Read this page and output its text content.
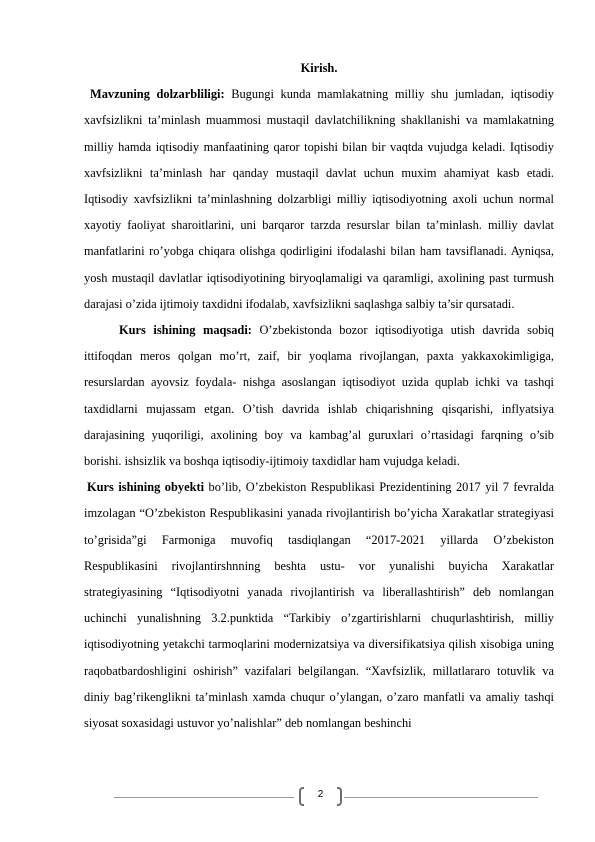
Kirish.

Mavzuning dolzarbliligi: Bugungi kunda mamlakatning milliy shu jumladan, iqtisodiy xavfsizlikni taʼminlash muammosi mustaqil davlatchilikning shakllanishi va mamlakatning milliy hamda iqtisodiy manfaatining qaror topishi bilan bir vaqtda vujudga keladi. Iqtisodiy xavfsizlikni taʼminlash har qanday mustaqil davlat uchun muxim ahamiyat kasb etadi. Iqtisodiy xavfsizlikni taʼminlashning dolzarbligi milliy iqtisodiyotning axoli uchun normal xayotiy faoliyat sharoitlarini, uni barqaror tarzda resurslar bilan taʼminlash. milliy davlat manfatlarini ro’yobga chiqara olishga qodirligini ifodalashi bilan ham tavsiflanadi. Ayniqsa, yosh mustaqil davlatlar iqtisodiyotining biryoqlamaligi va qaramligi, axolining past turmush darajasi o’zida ijtimoiy taxdidni ifodalab, xavfsizlikni saqlashga salbiy ta’sir qursatadi.

Kurs ishining maqsadi: O’zbekistonda bozor iqtisodiyotiga utish davrida sobiq ittifoqdan meros qolgan mo’rt, zaif, bir yoqlama rivojlangan, paxta yakkaxokimligiga, resurslardan ayovsiz foydala- nishga asoslangan iqtisodiyot uzida quplab ichki va tashqi taxdidlarni mujassam etgan. O’tish davrida ishlab chiqarishning qisqarishi, inflyatsiya darajasining yuqoriligi, axolining boy va kambag’al guruxlari o’rtasidagi farqning o’sib borishi. ishsizlik va boshqa iqtisodiy-ijtimoiy taxdidlar ham vujudga keladi.

Kurs ishining obyekti bo’lib, O’zbekiston Respublikasi Prezidentining 2017 yil 7 fevralda imzolagan “O’zbekiston Respublikasini yanada rivojlantirish bo’yicha Xarakatlar strategiyasi to’grisida”gi Farmoniga muvofiq tasdiqlangan “2017-2021 yillarda O’zbekiston Respublikasini rivojlantirshnning beshta ustu- vor yunalishi buyicha Xarakatlar strategiyasining “Iqtisodiyotni yanada rivojlantirish va liberallashtirish” deb nomlangan uchinchi yunalishning 3.2.punktida “Tarkibiy o’zgartirishlarni chuqurlashtirish, milliy iqtisodiyotning yetakchi tarmoqlarini modernizatsiya va diversifikatsiya qilish xisobiga uning raqobatbardoshligini oshirish” vazifalari belgilangan. “Xavfsizlik, millatlararo totuvlik va diniy bag’rikenglikni taʼminlash xamda chuqur o’ylangan, o’zaro manfatli va amaliy tashqi siyosat soxasidagi ustuvor yo’nalishlar” deb nomlangan beshinchi

2
